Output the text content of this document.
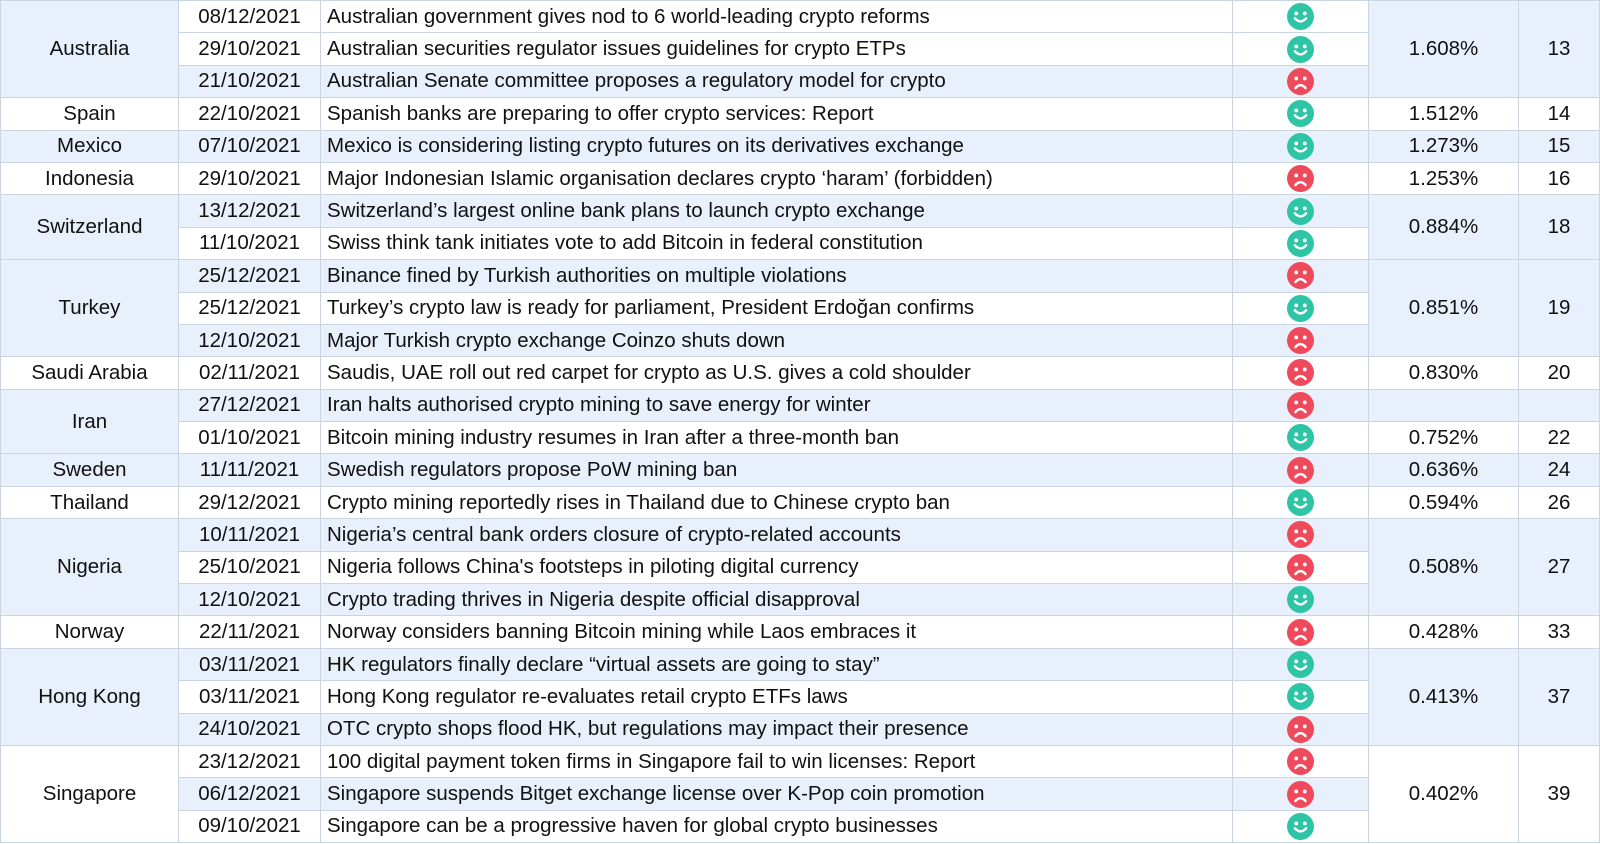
Australia	08/12/2021	Australian government gives nod to 6 world-leading crypto reforms		1.608%	13
	29/10/2021	Australian securities regulator issues guidelines for crypto ETPs	
	21/10/2021	Australian Senate committee proposes a regulatory model for crypto	
Spain	22/10/2021	Spanish banks are preparing to offer crypto services: Report		1.512%	14
Mexico	07/10/2021	Mexico is considering listing crypto futures on its derivatives exchange		1.273%	15
Indonesia	29/10/2021	Major Indonesian Islamic organisation declares crypto ‘haram’ (forbidden)		1.253%	16
Switzerland	13/12/2021	Switzerland’s largest online bank plans to launch crypto exchange		0.884%	18
	11/10/2021	Swiss think tank initiates vote to add Bitcoin in federal constitution	
Turkey	25/12/2021	Binance fined by Turkish authorities on multiple violations		0.851%	19
	25/12/2021	Turkey’s crypto law is ready for parliament, President Erdoğan confirms	
	12/10/2021	Major Turkish crypto exchange Coinzo shuts down	
Saudi Arabia	02/11/2021	Saudis, UAE roll out red carpet for crypto as U.S. gives a cold shoulder		0.830%	20
Iran	27/12/2021	Iran halts authorised crypto mining to save energy for winter			
	01/10/2021	Bitcoin mining industry resumes in Iran after a three-month ban		0.752%	22
Sweden	11/11/2021	Swedish regulators propose PoW mining ban		0.636%	24
Thailand	29/12/2021	Crypto mining reportedly rises in Thailand due to Chinese crypto ban		0.594%	26
Nigeria	10/11/2021	Nigeria’s central bank orders closure of crypto-related accounts		0.508%	27
	25/10/2021	Nigeria follows China's footsteps in piloting digital currency	
	12/10/2021	Crypto trading thrives in Nigeria despite official disapproval	
Norway	22/11/2021	Norway considers banning Bitcoin mining while Laos embraces it		0.428%	33
Hong Kong	03/11/2021	HK regulators finally declare “virtual assets are going to stay”		0.413%	37
	03/11/2021	Hong Kong regulator re-evaluates retail crypto ETFs laws	
	24/10/2021	OTC crypto shops flood HK, but regulations may impact their presence	
Singapore	23/12/2021	100 digital payment token firms in Singapore fail to win licenses: Report		0.402%	39
	06/12/2021	Singapore suspends Bitget exchange license over K-Pop coin promotion	
	09/10/2021	Singapore can be a progressive haven for global crypto businesses	
